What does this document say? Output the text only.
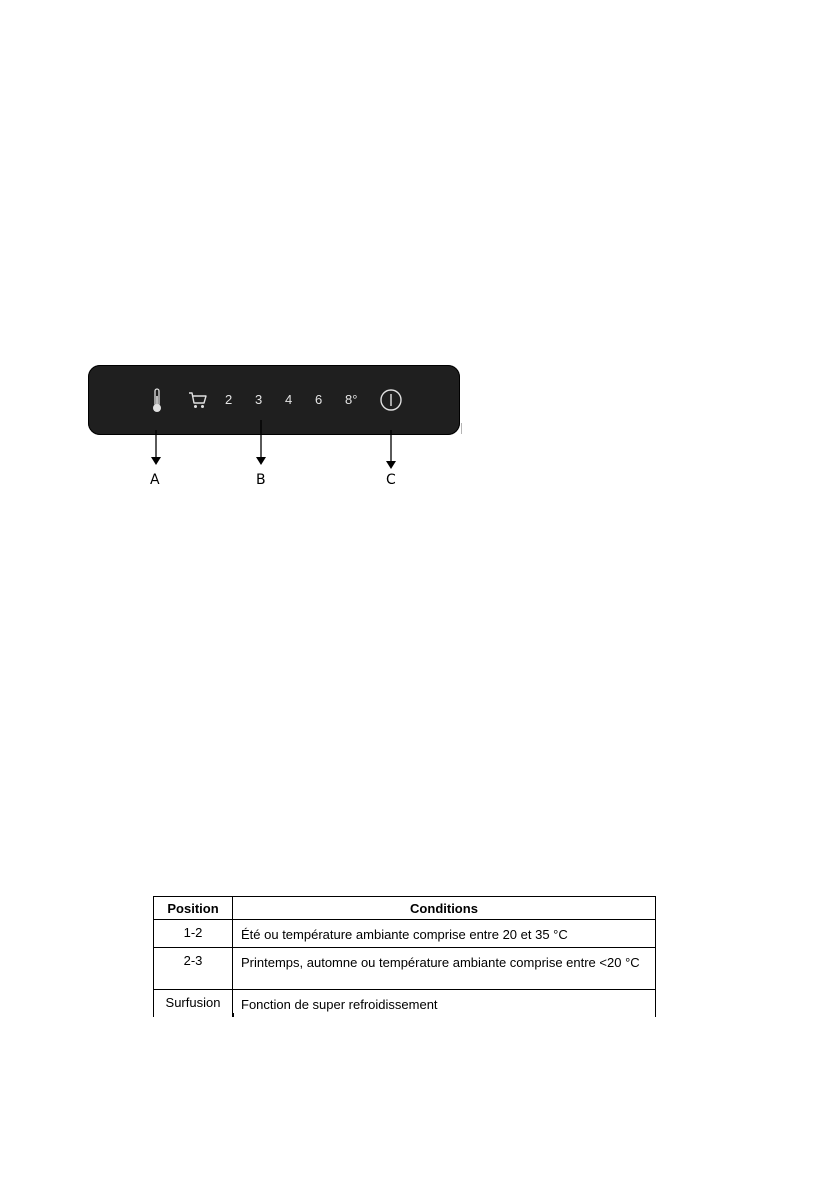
2 3 4 6 8°
A	B	C
Position	Conditions
1-2	Été ou température ambiante comprise entre 20 et 35 °C
2-3	Printemps, automne ou température ambiante comprise entre <20 °C
Surfusion	Fonction de super refroidissement
